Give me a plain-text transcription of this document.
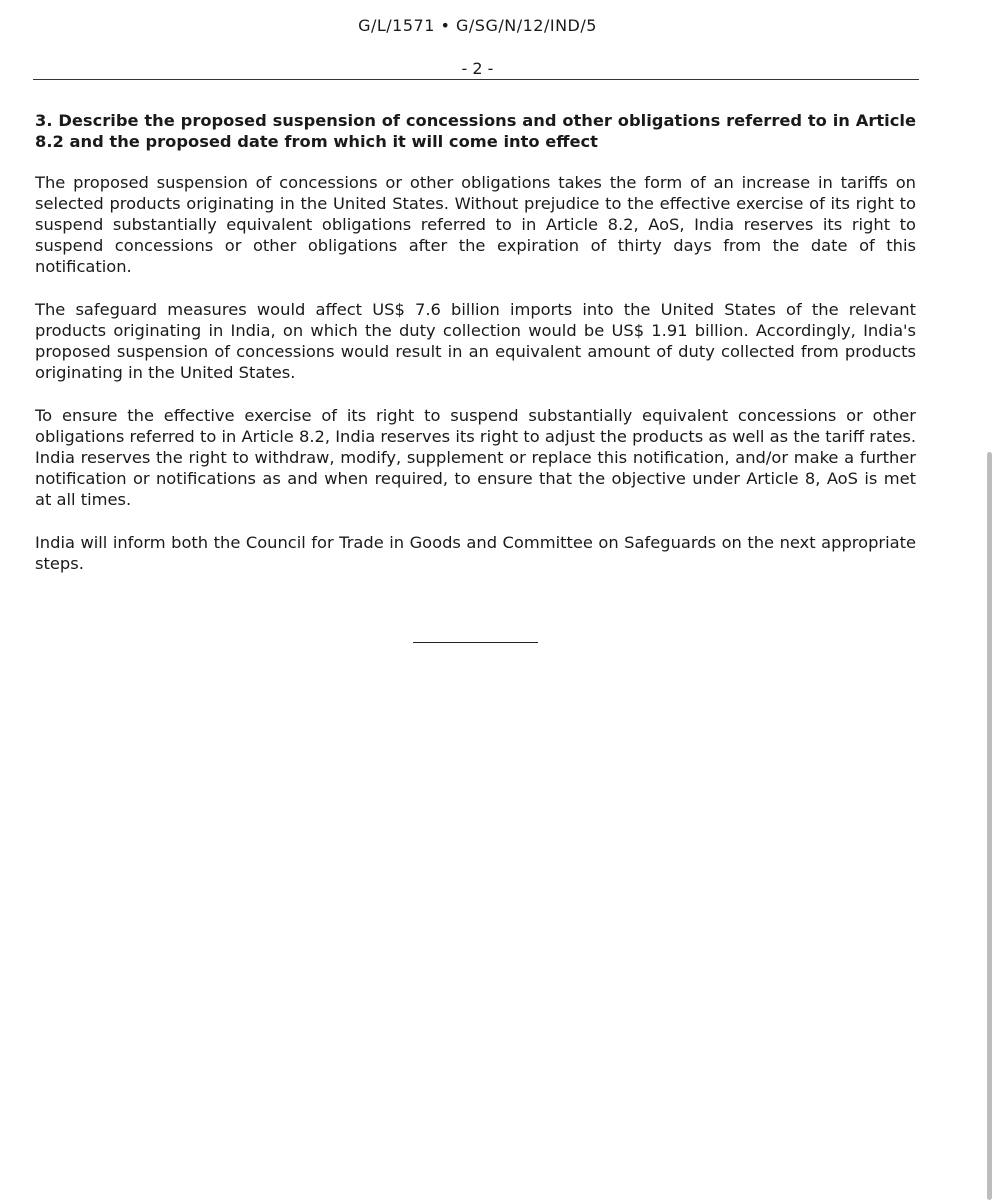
G/L/1571 • G/SG/N/12/IND/5
- 2 -

3. Describe the proposed suspension of concessions and other obligations referred to in Article 8.2 and the proposed date from which it will come into effect

The proposed suspension of concessions or other obligations takes the form of an increase in tariffs on selected products originating in the United States. Without prejudice to the effective exercise of its right to suspend substantially equivalent obligations referred to in Article 8.2, AoS, India reserves its right to suspend concessions or other obligations after the expiration of thirty days from the date of this notification.

The safeguard measures would affect US$ 7.6 billion imports into the United States of the relevant products originating in India, on which the duty collection would be US$ 1.91 billion. Accordingly, India's proposed suspension of concessions would result in an equivalent amount of duty collected from products originating in the United States.

To ensure the effective exercise of its right to suspend substantially equivalent concessions or other obligations referred to in Article 8.2, India reserves its right to adjust the products as well as the tariff rates. India reserves the right to withdraw, modify, supplement or replace this notification, and/or make a further notification or notifications as and when required, to ensure that the objective under Article 8, AoS is met at all times.

India will inform both the Council for Trade in Goods and Committee on Safeguards on the next appropriate steps.
